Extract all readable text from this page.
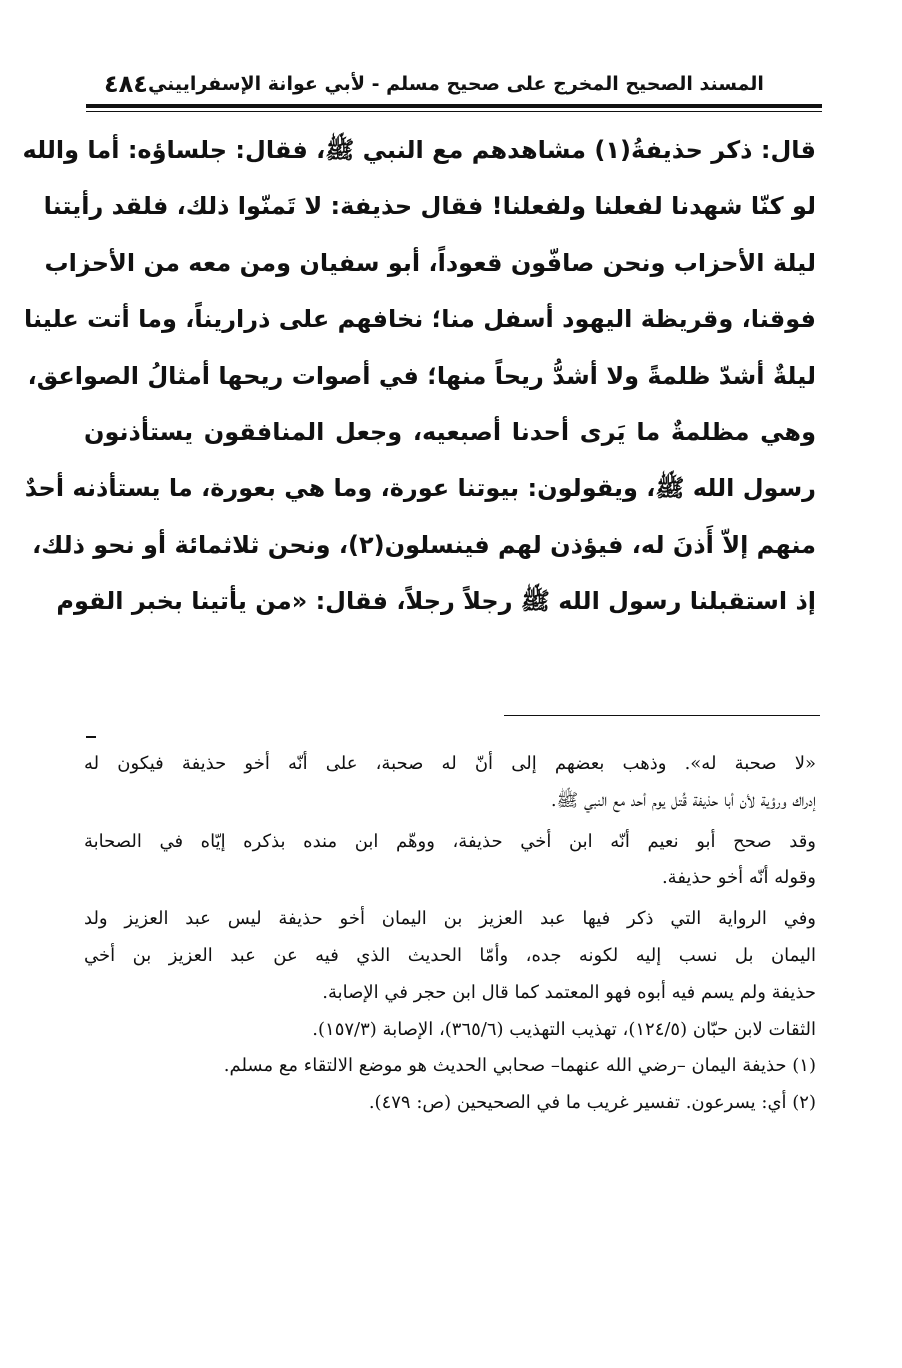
٤٨٤ المسند الصحيح المخرج على صحيح مسلم - لأبي عوانة الإسفراييني
قال: ذكر حذيفةُ(١) مشاهدهم مع النبي ﷺ، فقال: جلساؤه: أما والله
لو كنّا شهدنا لفعلنا ولفعلنا! فقال حذيفة: لا تَمنّوا ذلك، فلقد رأيتنا
ليلة الأحزاب ونحن صافّون قعوداً، أبو سفيان ومن معه من الأحزاب
فوقنا، وقريظة اليهود أسفل منا؛ نخافهم على ذراريناً، وما أتت علينا
ليلةٌ أشدّ ظلمةً ولا أشدُّ ريحاً منها؛ في أصوات ريحها أمثالُ الصواعق،
وهي مظلمةٌ ما يَرى أحدنا أصبعيه، وجعل المنافقون يستأذنون
رسول الله ﷺ، ويقولون: بيوتنا عورة، وما هي بعورة، ما يستأذنه أحدٌ
منهم إلاّ أَذنَ له، فيؤذن لهم فينسلون(٢)، ونحن ثلاثمائة أو نحو ذلك،
إذ استقبلنا رسول الله ﷺ رجلاً رجلاً، فقال: «من يأتينا بخبر القوم
«لا صحبة له». وذهب بعضهم إلى أنّ له صحبة، على أنّه أخو حذيفة فيكون له
إدراك ورؤية لأن أبا حذيفة قُتل يوم أحد مع النبي ﷺ.
وقد صحح أبو نعيم أنّه ابن أخي حذيفة، ووهّم ابن منده بذكره إيّاه في الصحابة
وقوله أنّه أخو حذيفة.
وفي الرواية التي ذكر فيها عبد العزيز بن اليمان أخو حذيفة ليس عبد العزيز ولد
اليمان بل نسب إليه لكونه جده، وأمّا الحديث الذي فيه عن عبد العزيز بن أخي
حذيفة ولم يسم فيه أبوه فهو المعتمد كما قال ابن حجر في الإصابة.
الثقات لابن حبّان (١٢٤/٥)، تهذيب التهذيب (٣٦٥/٦)، الإصابة (١٥٧/٣).
(١) حذيفة اليمان –رضي الله عنهما– صحابي الحديث هو موضع الالتقاء مع مسلم.
(٢) أي: يسرعون. تفسير غريب ما في الصحيحين (ص: ٤٧٩).
